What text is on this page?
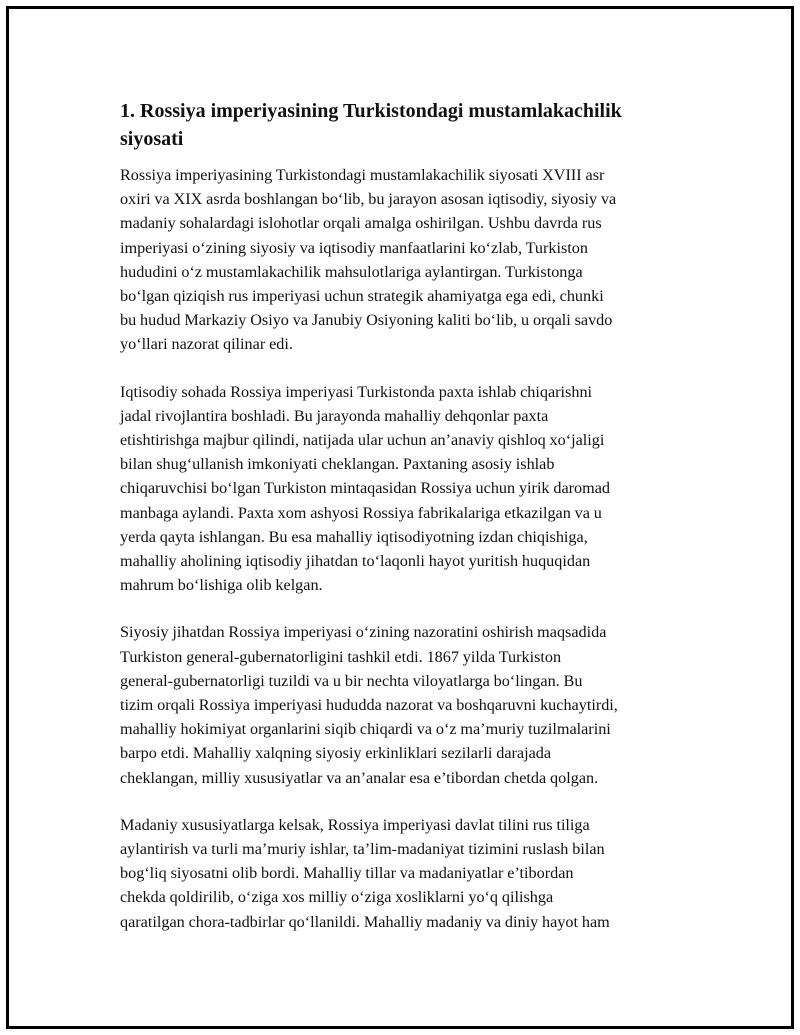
1. Rossiya imperiyasining Turkistondagi mustamlakachilik
siyosati
Rossiya imperiyasining Turkistondagi mustamlakachilik siyosati XVIII asr
oxiri va XIX asrda boshlangan bo‘lib, bu jarayon asosan iqtisodiy, siyosiy va
madaniy sohalardagi islohotlar orqali amalga oshirilgan. Ushbu davrda rus
imperiyasi o‘zining siyosiy va iqtisodiy manfaatlarini ko‘zlab, Turkiston
hududini o‘z mustamlakachilik mahsulotlariga aylantirgan. Turkistonga
bo‘lgan qiziqish rus imperiyasi uchun strategik ahamiyatga ega edi, chunki
bu hudud Markaziy Osiyo va Janubiy Osiyoning kaliti bo‘lib, u orqali savdo
yo‘llari nazorat qilinar edi.
Iqtisodiy sohada Rossiya imperiyasi Turkistonda paxta ishlab chiqarishni
jadal rivojlantira boshladi. Bu jarayonda mahalliy dehqonlar paxta
etishtirishga majbur qilindi, natijada ular uchun an’anaviy qishloq xo‘jaligi
bilan shug‘ullanish imkoniyati cheklangan. Paxtaning asosiy ishlab
chiqaruvchisi bo‘lgan Turkiston mintaqasidan Rossiya uchun yirik daromad
manbaga aylandi. Paxta xom ashyosi Rossiya fabrikalariga etkazilgan va u
yerda qayta ishlangan. Bu esa mahalliy iqtisodiyotning izdan chiqishiga,
mahalliy aholining iqtisodiy jihatdan to‘laqonli hayot yuritish huquqidan
mahrum bo‘lishiga olib kelgan.
Siyosiy jihatdan Rossiya imperiyasi o‘zining nazoratini oshirish maqsadida
Turkiston general-gubernatorligini tashkil etdi. 1867 yilda Turkiston
general-gubernatorligi tuzildi va u bir nechta viloyatlarga bo‘lingan. Bu
tizim orqali Rossiya imperiyasi hududda nazorat va boshqaruvni kuchaytirdi,
mahalliy hokimiyat organlarini siqib chiqardi va o‘z ma’muriy tuzilmalarini
barpo etdi. Mahalliy xalqning siyosiy erkinliklari sezilarli darajada
cheklangan, milliy xususiyatlar va an’analar esa e’tibordan chetda qolgan.
Madaniy xususiyatlarga kelsak, Rossiya imperiyasi davlat tilini rus tiliga
aylantirish va turli ma’muriy ishlar, ta’lim-madaniyat tizimini ruslash bilan
bog‘liq siyosatni olib bordi. Mahalliy tillar va madaniyatlar e’tibordan
chekda qoldirilib, o‘ziga xos milliy o‘ziga xosliklarni yo‘q qilishga
qaratilgan chora-tadbirlar qo‘llanildi. Mahalliy madaniy va diniy hayot ham
